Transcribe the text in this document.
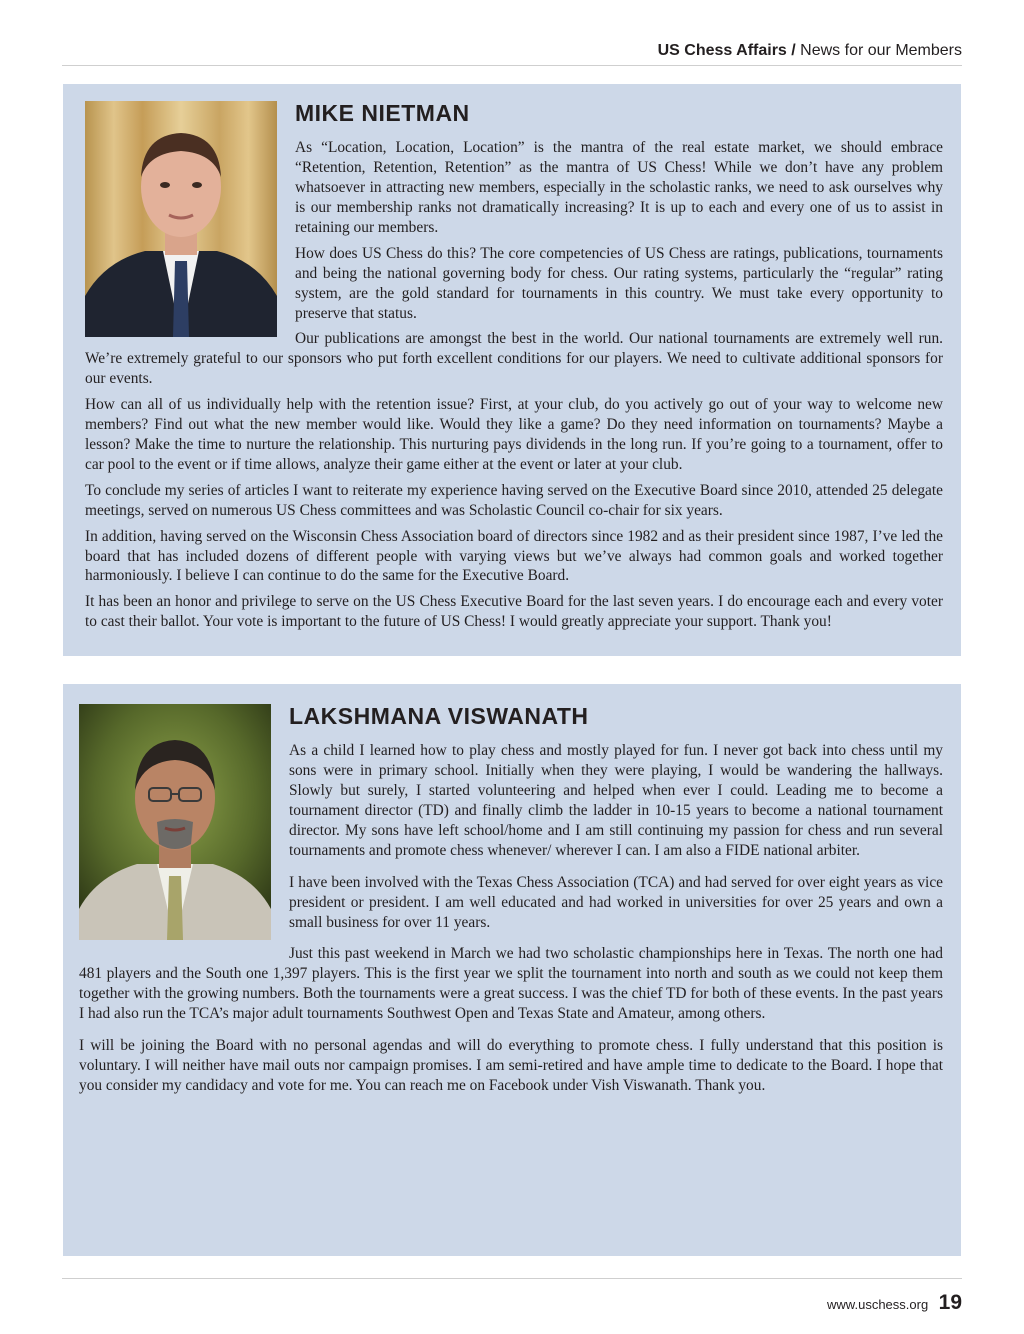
US Chess Affairs / News for our Members
MIKE NIETMAN

As “Location, Location, Location” is the mantra of the real estate market, we should embrace “Retention, Retention, Retention” as the mantra of US Chess! While we don’t have any problem whatsoever in attracting new members, especially in the scholastic ranks, we need to ask ourselves why is our membership ranks not dramatically increasing? It is up to each and every one of us to assist in retaining our members.

How does US Chess do this? The core competencies of US Chess are ratings, publications, tournaments and being the national governing body for chess. Our rating systems, particularly the “regular” rating system, are the gold standard for tournaments in this country. We must take every opportunity to preserve that status.

Our publications are amongst the best in the world. Our national tournaments are extremely well run. We’re extremely grateful to our sponsors who put forth excellent conditions for our players. We need to cultivate additional sponsors for our events.

How can all of us individually help with the retention issue? First, at your club, do you actively go out of your way to welcome new members? Find out what the new member would like. Would they like a game? Do they need information on tournaments? Maybe a lesson? Make the time to nurture the relationship. This nurturing pays dividends in the long run. If you’re going to a tournament, offer to car pool to the event or if time allows, analyze their game either at the event or later at your club.

To conclude my series of articles I want to reiterate my experience having served on the Executive Board since 2010, attended 25 delegate meetings, served on numerous US Chess committees and was Scholastic Council co-chair for six years.

In addition, having served on the Wisconsin Chess Association board of directors since 1982 and as their president since 1987, I’ve led the board that has included dozens of different people with varying views but we’ve always had common goals and worked together harmoniously. I believe I can continue to do the same for the Executive Board.

It has been an honor and privilege to serve on the US Chess Executive Board for the last seven years. I do encourage each and every voter to cast their ballot. Your vote is important to the future of US Chess! I would greatly appreciate your support. Thank you!

LAKSHMANA VISWANATH

As a child I learned how to play chess and mostly played for fun. I never got back into chess until my sons were in primary school. Initially when they were playing, I would be wandering the hallways. Slowly but surely, I started volunteering and helped when ever I could. Leading me to become a tournament director (TD) and finally climb the ladder in 10-15 years to become a national tournament director. My sons have left school/home and I am still continuing my passion for chess and run several tournaments and promote chess whenever/ wherever I can. I am also a FIDE national arbiter.

I have been involved with the Texas Chess Association (TCA) and had served for over eight years as vice president or president. I am well educated and had worked in universities for over 25 years and own a small business for over 11 years.

Just this past weekend in March we had two scholastic championships here in Texas. The north one had 481 players and the South one 1,397 players. This is the first year we split the tournament into north and south as we could not keep them together with the growing numbers. Both the tournaments were a great success. I was the chief TD for both of these events. In the past years I had also run the TCA’s major adult tournaments Southwest Open and Texas State and Amateur, among others.

I will be joining the Board with no personal agendas and will do everything to promote chess. I fully understand that this position is voluntary. I will neither have mail outs nor campaign promises. I am semi-retired and have ample time to dedicate to the Board. I hope that you consider my candidacy and vote for me. You can reach me on Facebook under Vish Viswanath. Thank you.

www.uschess.org 19
